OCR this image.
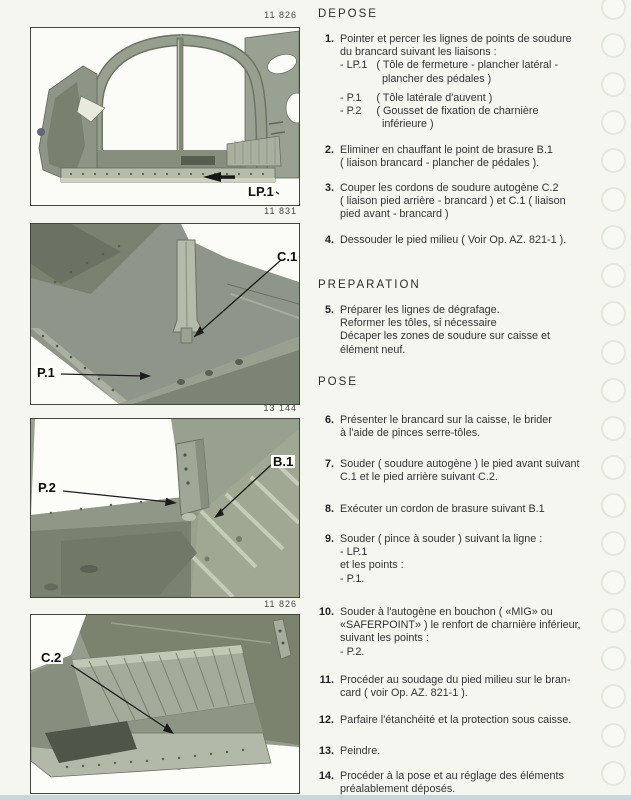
11 826
LP.1
11 831
C.1
P.1
13 144
B.1
P.2
11 826
C.2
DEPOSE
1. Pointer et percer les lignes de points de soudure
du brancard suivant les liaisons :
- LP.1   ( Tôle de fermeture - plancher latéral -
plancher des pédales )
- P.1     ( Tôle latérale d'auvent )
- P.2     ( Gousset de fixation de charnière
inférieure )
2. Eliminer en chauffant le point de brasure B.1
( liaison brancard - plancher de pédales ).
3. Couper les cordons de soudure autogène C.2
( liaison pied arrière - brancard ) et C.1 ( liaison
pied avant - brancard )
4. Dessouder le pied milieu ( Voir Op. AZ. 821-1 ).
PREPARATION
5. Préparer les lignes de dégrafage.
Reformer les tôles, si nécessaire
Décaper les zones de soudure sur caisse et
élément neuf.
POSE
6. Présenter le brancard sur la caisse, le brider
à l'aide de pinces serre-tôles.
7. Souder ( soudure autogène ) le pied avant suivant
C.1 et le pied arrière suivant C.2.
8. Exécuter un cordon de brasure suivant B.1
9. Souder ( pince à souder ) suivant la ligne :
- LP.1
et les points :
- P.1.
10. Souder à l'autogène en bouchon ( «MIG» ou
«SAFERPOINT» ) le renfort de charnière inférieur,
suivant les points :
- P.2.
11. Procéder au soudage du pied milieu sur le bran-
card ( voir Op. AZ. 821-1 ).
12. Parfaire l'étanchéité et la protection sous caisse.
13. Peindre.
14. Procéder à la pose et au réglage des éléments
préalablement déposés.
